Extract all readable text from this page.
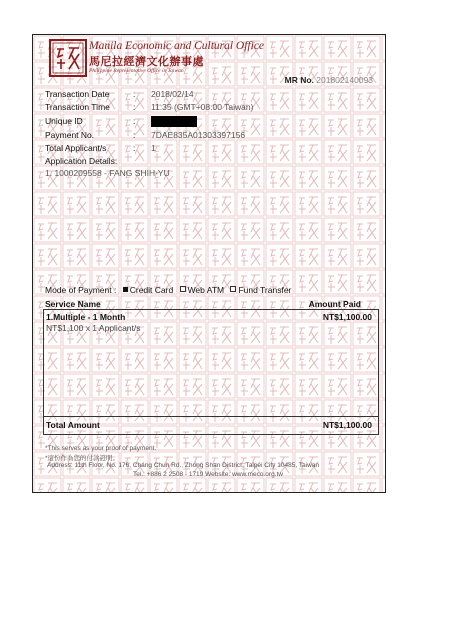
Manila Economic and Cultural Office
馬尼拉經濟文化辦事處
Philippine Representative Office in Taiwan
MR No. 201802140093
Transaction Date	: 2018/02/14
Transaction Time	: 11:35 (GMT+08:00 Taiwan)
Unique ID	:
Payment No.	: 7DAE835A01303397156
Total Applicant/s	: 1
Application Details:
1. 1000209558 - FANG SHIH-YU
Mode of Payment : Credit Card Web ATM Fund Transfer
Service Name	Amount Paid
1.Multiple - 1 Month	NT$1,100.00
NT$1,100 x 1 Applicant/s
Total Amount	NT$1,100.00
*This serves as your proof of payment.
*這份作為您的付款證明。
Address: 11th Floor, No. 176, Chang Chun Rd., Zhong Shan District, Taipei City 10485, Taiwan
Tel.: +886 2 2508 - 1719 Website: www.meco.org.tw
